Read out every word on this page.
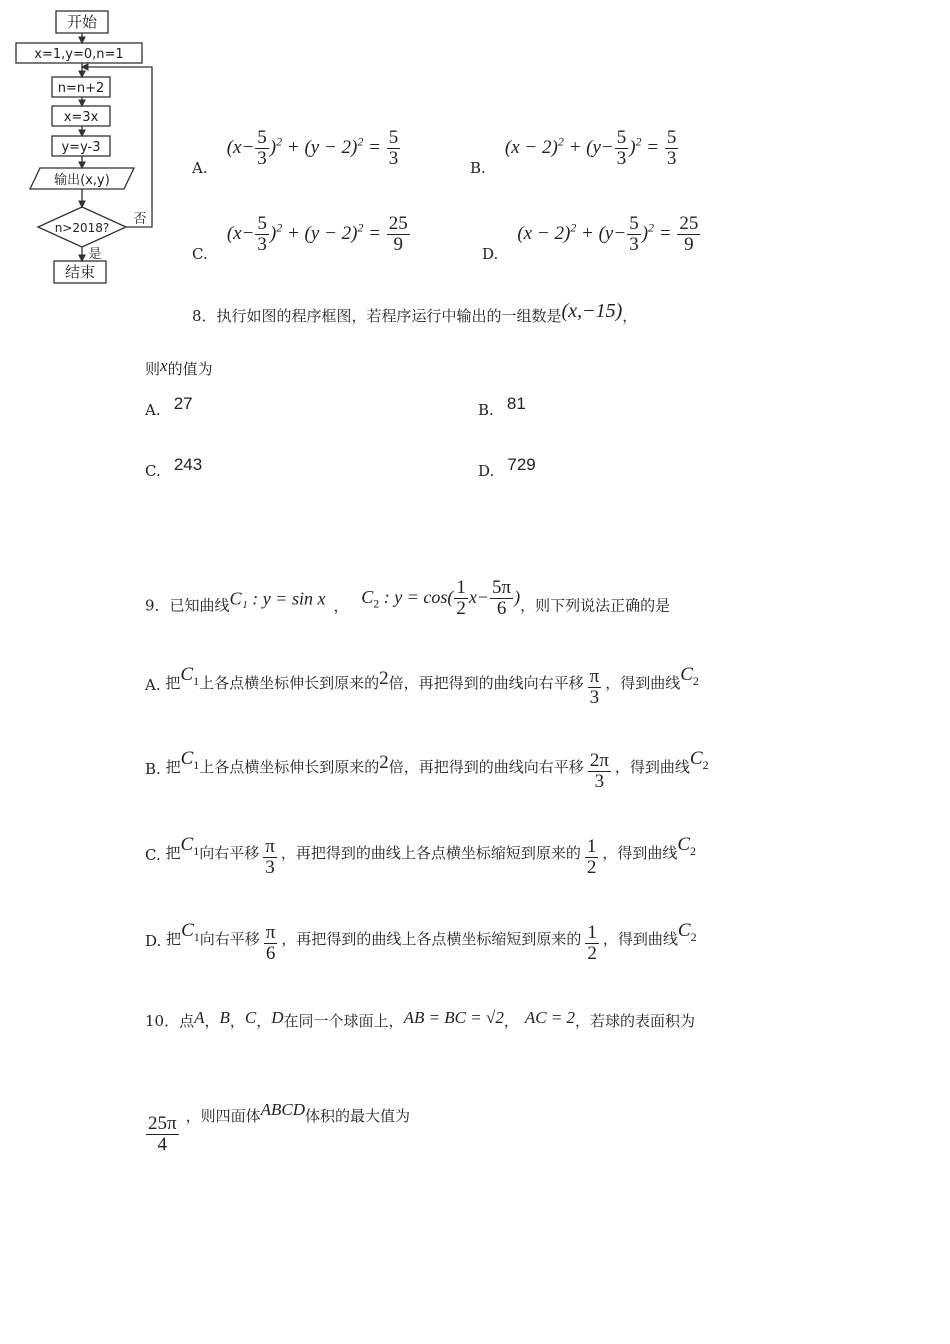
开始
x=1,y=0,n=1
n=n+2
x=3x
y=y-3
输出(x,y)
n>2018?
否
是
结束
A. $(x- \frac{5}{3} )^2 + (y - 2)^2 = \frac{5}{3}$	B. $(x - 2)^2 + (y- \frac{5}{3} )^2 = \frac{5}{3}$
C. $(x- \frac{5}{3} )^2 + (y - 2)^2 = \frac{25}{9}$	D. $(x - 2)^2 + (y- \frac{5}{3} )^2 = \frac{25}{9}$
8．执行如图的程序框图，若程序运行中输出的一组数是(x,−15)，
则x的值为
A. 27	B. 81
C. 243	D. 729
9．已知曲线C₁ : y = sin x ， $C_2$ : $y = \cos( \frac{1}{2} x- \frac{5\pi}{6}$ )，则下列说法正确的是
A. 把$C_1$上各点横坐标伸长到原来的2倍，再把得到的曲线向右平移 $\frac{\pi}{3}$ ，得到曲线$C_2$
B. 把$C_1$上各点横坐标伸长到原来的2倍，再把得到的曲线向右平移 $\frac{2\pi}{3}$ ，得到曲线$C_2$
C. 把$C_1$向右平移 $\frac{\pi}{3}$ ，再把得到的曲线上各点横坐标缩短到原来的 $\frac{1}{2}$ ，得到曲线$C_2$
D. 把$C_1$向右平移 $\frac{\pi}{6}$ ，再把得到的曲线上各点横坐标缩短到原来的 $\frac{1}{2}$ ，得到曲线$C_2$
10．点A，B，C，D在同一个球面上，AB = BC = √2， AC = 2，若球的表面积为
$\frac{25\pi}{4}$ ，则四面体ABCD体积的最大值为
